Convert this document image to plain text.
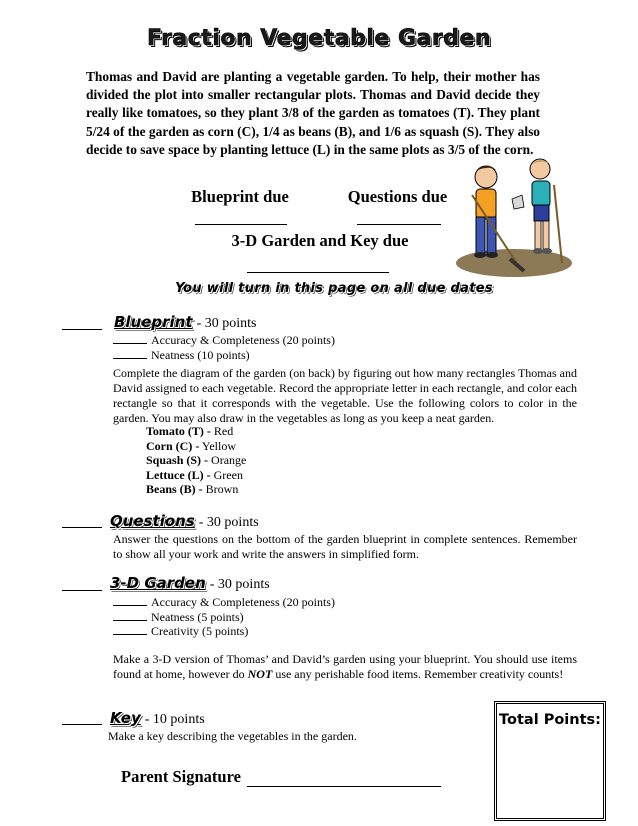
Fraction Vegetable Garden
Thomas and David are planting a vegetable garden. To help, their mother has divided the plot into smaller rectangular plots. Thomas and David decide they really like tomatoes, so they plant 3/8 of the garden as tomatoes (T). They plant 5/24 of the garden as corn (C), 1/4 as beans (B), and 1/6 as squash (S). They also decide to save space by planting lettuce (L) in the same plots as 3/5 of the corn.
Blueprint due	Questions due
3-D Garden and Key due
You will turn in this page on all due dates
Blueprint - 30 points
Accuracy & Completeness (20 points)
Neatness (10 points)
Complete the diagram of the garden (on back) by figuring out how many rectangles Thomas and David assigned to each vegetable. Record the appropriate letter in each rectangle, and color each rectangle so that it corresponds with the vegetable. Use the following colors to color in the garden. You may also draw in the vegetables as long as you keep a neat garden.
Tomato (T) - Red
Corn (C) - Yellow
Squash (S) - Orange
Lettuce (L) - Green
Beans (B) - Brown
Questions - 30 points
Answer the questions on the bottom of the garden blueprint in complete sentences. Remember to show all your work and write the answers in simplified form.
3-D Garden - 30 points
Accuracy & Completeness (20 points)
Neatness (5 points)
Creativity (5 points)
Make a 3-D version of Thomas’ and David’s garden using your blueprint. You should use items found at home, however do NOT use any perishable food items. Remember creativity counts!
Key - 10 points
Make a key describing the vegetables in the garden.
Total Points:
Parent Signature
